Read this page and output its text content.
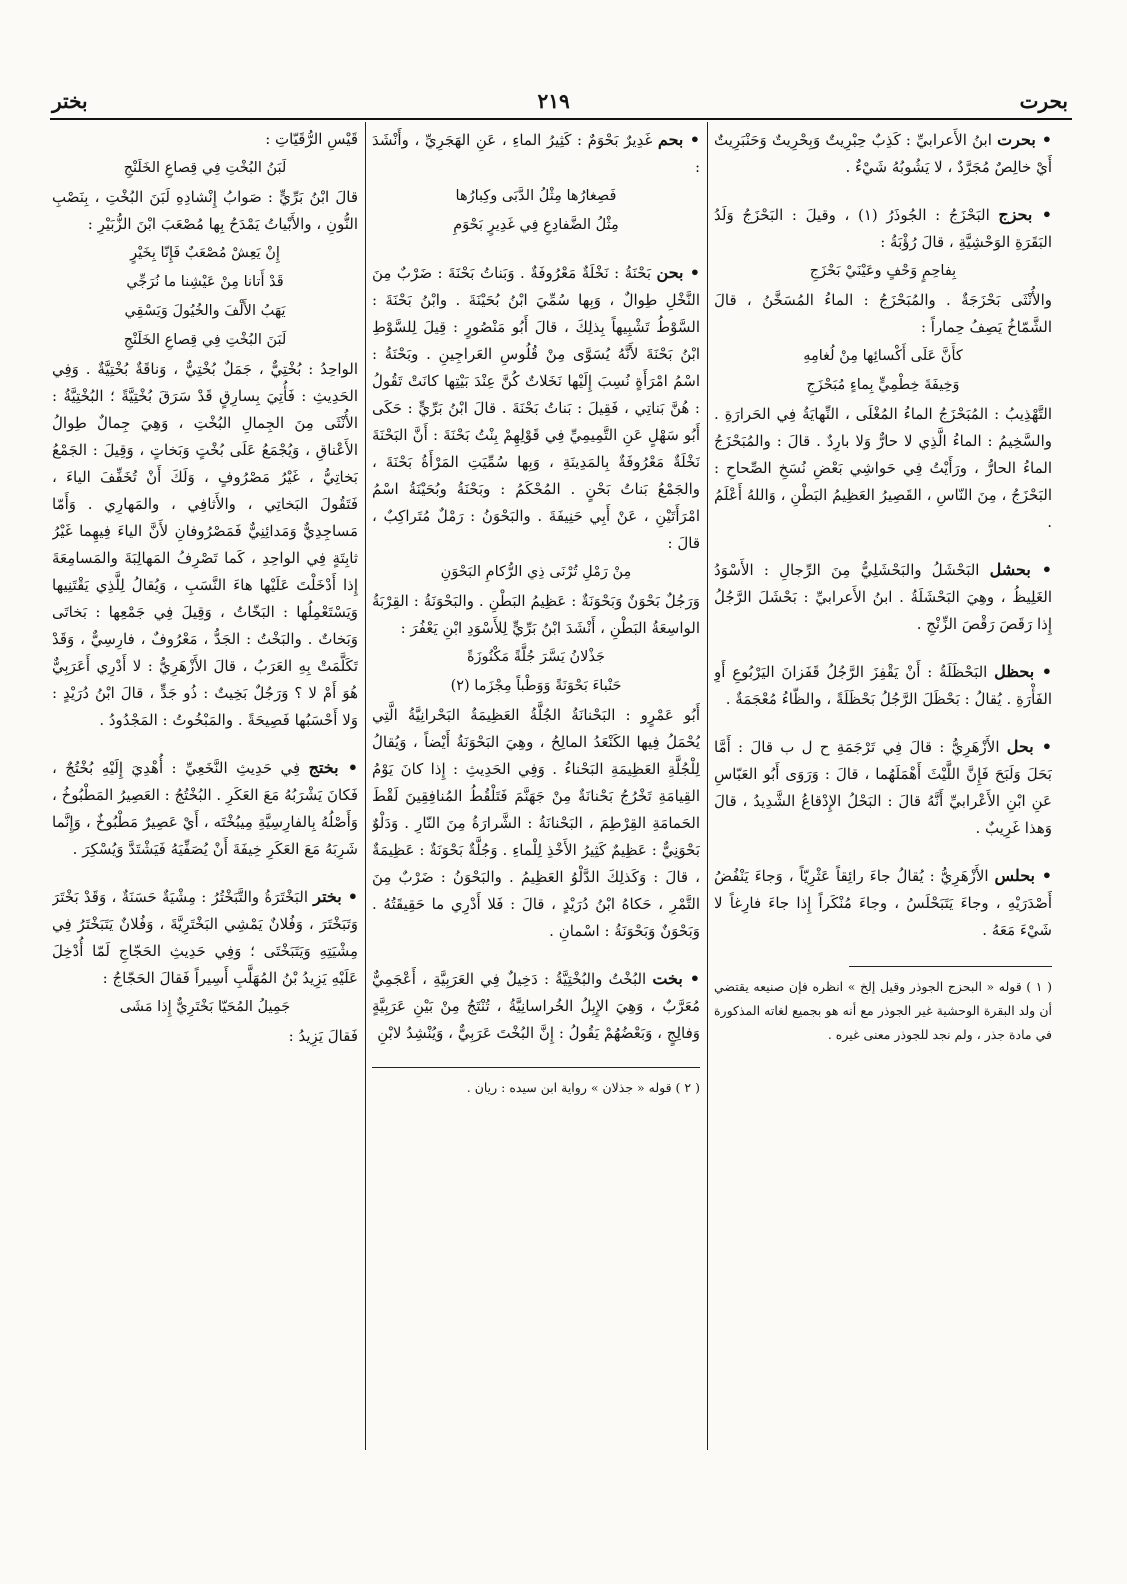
بحرت
٢١٩
بختر
• بحرت ابنُ الأَعرابيِّ : كَذِبٌ حِبْرِيتٌ وَبِحْرِيتٌ وَحَنْبَرِيتٌ أَيْ خالِصٌ مُجَرَّدٌ ، لا يَشُوبُهُ شَيْءٌ .
• بحزج البَحْزَجُ : الجُوذَرُ (١) ، وقيلَ : البَحْزَجُ وَلَدُ البَقَرَةِ الوَحْشِيَّةِ ، قالَ رُؤْبَةُ :
بِفاحِمٍ وَحْفٍ وعَيْنَيْ بَحْزَجِ
والأُنْثَى بَحْزَجَةٌ . والمُبَحْزَجُ : الماءُ المُسَخَّنُ ، قالَ الشَّمّاخُ يَصِفُ حِماراً :
كأَنَّ عَلَى أَكْسائِها مِنْ لُغامِهِ
وَخِيفَةَ خِطْمِيٍّ بِماءٍ مُبَحْزَجِ
التَّهْذِيبُ : المُبَحْزَجُ الماءُ المُغْلَى ، النِّهايَةُ فِي الحَرارَةِ . والسَّخِيمُ : الماءُ الَّذِي لا حارٌّ وَلا بارِدٌ . قالَ : والمُبَحْزَجُ الماءُ الحارُّ ، ورَأَيْتُ فِي حَواشِي بَعْضِ نُسَخِ الصِّحاحِ : البَحْزَجُ ، مِنَ النّاسِ ، القَصِيرُ العَظِيمُ البَطْنِ ، وَاللهُ أَعْلَمُ .
• بحشل البَحْشَلُ والبَحْشَلِيُّ مِنَ الرِّجالِ : الأَسْوَدُ الغَلِيظُ ، وهِيَ البَحْشَلَةُ . ابنُ الأَعرابيِّ : بَحْشَلَ الرَّجُلُ إِذا رَقَصَ رَقْصَ الزِّنْجِ .
• بحظل البَحْظَلَةُ : أَنْ يَقْفِزَ الرَّجُلُ قَفَزانَ اليَرْبُوعِ أَوِ الفَأْرَةِ . يُقالُ : بَحْظَلَ الرَّجُلُ بَحْظَلَةً ، والظّاءُ مُعْجَمَةٌ .
• بحل الأَزْهَرِيُّ : قالَ فِي تَرْجَمَةِ ح ل ب قالَ : أَمَّا بَحَلَ وَلَبَحَ فَإِنَّ اللَّيْثَ أَهْمَلَهُما ، قالَ : وَرَوَى أَبُو العَبّاسِ عَنِ ابْنِ الأَعْرابيِّ أَنَّهُ قالَ : البَحْلُ الإِدْقاعُ الشَّدِيدُ ، قالَ وَهذا غَرِيبٌ .
• بحلس الأَزْهَرِيُّ : يُقالُ جاءَ رائِقاً عَثْرِيّاً ، وَجاءَ يَنْفُضُ أَصْدَرَيْهِ ، وجاءَ يَتَبَحْلَسُ ، وجاءَ مُنْكَراً إِذا جاءَ فارِغاً لا شَيْءَ مَعَهُ .
( ١ ) قوله « البحزج الجوذر وقيل إلخ » انظره فإن صنيعه يقتضي أن ولد البقرة الوحشية غير الجوذر مع أنه هو بجميع لغاته المذكورة في مادة جذر ، ولم نجد للجوذر معنى غيره .
• بحم غَدِيرٌ بَحْوَمٌ : كَثِيرُ الماءِ ، عَنِ الهَجَرِيِّ ، وأَنْشَدَ :
فَصِغارُها مِثْلُ الدَّبَى وكِبارُها
مِثْلُ الضَّفادِعِ فِي غَدِيرٍ بَحْوَمِ
• بحن بَحْنَةُ : نَخْلَةٌ مَعْرُوفَةٌ . وَبَناتُ بَحْنَةَ : ضَرْبٌ مِنَ النَّخْلِ طِوالٌ ، وَبِها سُمِّيَ ابْنُ بُحَيْنَةَ . وابْنُ بَحْنَةَ : السَّوْطُ تَشْبِيهاً بِذلِكَ ، قالَ أَبُو مَنْصُورٍ : قِيلَ لِلسَّوْطِ ابْنُ بَحْنَةَ لأَنَّهُ يُسَوَّى مِنْ قُلُوسِ العَراجِينِ . وبَحْنَةُ : اسْمُ امْرَأَةٍ نُسِبَ إِلَيْها نَخَلاتٌ كُنَّ عِنْدَ بَيْتِها كانَتْ تَقُولُ : هُنَّ بَناتِي ، فَقِيلَ : بَناتُ بَحْنَةَ . قالَ ابْنُ بَرِّيٍّ : حَكَى أَبُو سَهْلٍ عَنِ التَّمِيمِيِّ فِي قَوْلِهِمْ بِنْتُ بَحْنَةَ : أَنَّ البَحْنَةَ نَخْلَةٌ مَعْرُوفَةٌ بِالمَدِينَةِ ، وَبِها سُمِّيَتِ المَرْأَةُ بَحْنَةَ ، والجَمْعُ بَناتُ بَحْنٍ . المُحْكَمُ : وبَحْنَةُ وبُحَيْنَةُ اسْمُ امْرَأَتَيْنِ ، عَنْ أَبِي حَنِيفَةَ . والبَحْوَنُ : رَمْلٌ مُتَراكِبٌ ، قالَ :
مِنْ رَمْلِ تُرْنَى ذِي الرُّكامِ البَحْوَنِ
وَرَجُلٌ بَحْوَنٌ وَبَحْوَنَةٌ : عَظِيمُ البَطْنِ . والبَحْوَنَةُ : القِرْبَةُ الواسِعَةُ البَطْنِ ، أَنْشَدَ ابْنُ بَرِّيٍّ لِلأَسْوَدِ ابْنِ يَعْفُرَ :
جَذْلانُ يَسَّرَ جُلَّةً مَكْنُوزَةً
حَنْباءَ بَحْوَنَةً وَوَطْباً مِجْزَما (٢)
أَبُو عَمْرٍو : البَحْنانَةُ الجُلَّةُ العَظِيمَةُ البَحْرانِيَّةُ الَّتِي يُحْمَلُ فِيها الكَنْعَدُ المالِحُ ، وهِيَ البَحْوَنَةُ أَيْضاً ، وَيُقالُ لِلْجُلَّةِ العَظِيمَةِ البَحْناءُ . وَفِي الحَدِيثِ : إِذا كانَ يَوْمُ القِيامَةِ تَخْرُجُ بَحْنانَةٌ مِنْ جَهَنَّمَ فَتَلْقُطُ المُنافِقِينَ لَقْطَ الحَمامَةِ القِرْطِمَ ، البَحْنانَةُ : الشَّرارَةُ مِنَ النّارِ . وَدَلْوٌ بَحْوَنِيٌّ : عَظِيمٌ كَثِيرُ الأَخْذِ لِلْماءِ . وَجُلَّةٌ بَحْوَنَةٌ : عَظِيمَةٌ ، قالَ : وَكَذلِكَ الدَّلْوُ العَظِيمُ . والبَحْوَنُ : ضَرْبٌ مِنَ التَّمْرِ ، حَكاهُ ابْنُ دُرَيْدٍ ، قالَ : فَلا أَدْرِي ما حَقِيقَتُهُ . وَبَحْوَنٌ وَبَحْوَنَةُ : اسْمانِ .
• بخت البُخْتُ والبُخْتِيَّةُ : دَخِيلٌ فِي العَرَبِيَّةِ ، أَعْجَمِيٌّ مُعَرَّبٌ ، وَهِيَ الإِبِلُ الخُراسانِيَّةُ ، تُنْتَجُ مِنْ بَيْنِ عَرَبِيَّةٍ وَفالِجٍ ، وَبَعْضُهُمْ يَقُولُ : إِنَّ البُخْتَ عَرَبِيٌّ ، وَيُنْشِدُ لابْنِ
( ٢ ) قوله « جذلان » رواية ابن سيده : ريان .
قَيْسِ الرُّقَيّاتِ :
لَبَنُ البُخْتِ فِي قِصاعِ الخَلَنْجِ
قالَ ابْنُ بَرِّيٍّ : صَوابُ إِنْشادِهِ لَبَنَ البُخْتِ ، بِنَصْبِ النُّونِ ، والأَبْياتُ يَمْدَحُ بِها مُصْعَبَ ابْنَ الزُّبَيْرِ :
إِنْ يَعِشْ مُصْعَبٌ فَإِنّا بِخَيْرٍ
قَدْ أَتانا مِنْ عَيْشِنا ما نُرَجِّي
يَهَبُ الأَلْفَ والخُيُولَ وَيَسْقِي
لَبَنَ البُخْتِ فِي قِصاعِ الخَلَنْجِ
الواحِدُ : بُخْتِيٌّ ، جَمَلٌ بُخْتِيٌّ ، وَناقَةٌ بُخْتِيَّةٌ . وَفِي الحَدِيثِ : فَأُتِيَ بِسارِقٍ قَدْ سَرَقَ بُخْتِيَّةً ؛ البُخْتِيَّةُ : الأُنْثَى مِنَ الجِمالِ البُخْتِ ، وَهِيَ جِمالٌ طِوالُ الأَعْناقِ ، وَيُجْمَعُ عَلَى بُخْتٍ وَبَخاتٍ ، وَقِيلَ : الجَمْعُ بَخاتِيُّ ، غَيْرُ مَصْرُوفٍ ، وَلَكَ أَنْ تُخَفِّفَ الياءَ ، فَتَقُولَ البَخاتِي ، والأَثافِي ، والمَهارِي . وَأَمّا مَساجِدِيٌّ وَمَدائِنِيٌّ فَمَصْرُوفانِ لأَنَّ الياءَ فِيهِما غَيْرُ ثابِتَةٍ فِي الواحِدِ ، كَما تَصْرِفُ المَهالِبَةَ والمَسامِعَةَ إِذا أَدْخَلْتَ عَلَيْها هاءَ النَّسَبِ ، وَيُقالُ لِلَّذِي يَقْتَنِيها وَيَسْتَعْمِلُها : البَخّاتُ ، وَقِيلَ فِي جَمْعِها : بَخاتَى وَبَخاتٌ . والبَخْتُ : الجَدُّ ، مَعْرُوفٌ ، فارِسِيٌّ ، وَقَدْ تَكَلَّمَتْ بِهِ العَرَبُ ، قالَ الأَزْهَرِيُّ : لا أَدْرِي أَعَرَبِيٌّ هُوَ أَمْ لا ؟ وَرَجُلٌ بَخِيتٌ : ذُو جَدٍّ ، قالَ ابْنُ دُرَيْدٍ : وَلا أَحْسَبُها فَصِيحَةً . والمَبْخُوتُ : المَجْدُودُ .
• بختج فِي حَدِيثِ النَّخَعِيِّ : أُهْدِيَ إِلَيْهِ بُخْتُجٌ ، فَكانَ يَشْرَبُهُ مَعَ العَكَرِ . البُخْتُجُ : العَصِيرُ المَطْبُوخُ ، وَأَصْلُهُ بِالفارِسِيَّةِ مِيبُخْتَه ، أَيْ عَصِيرٌ مَطْبُوخٌ ، وَإِنَّما شَرِبَهُ مَعَ العَكَرِ خِيفَةَ أَنْ يُصَفِّيَهُ فَيَشْتَدَّ وَيُسْكِرَ .
• بختر البَخْتَرَةُ والتَّبَخْتُرُ : مِشْيَةٌ حَسَنَةٌ ، وَقَدْ بَخْتَرَ وَتَبَخْتَرَ ، وَفُلانٌ يَمْشِي البَخْتَرِيَّةَ ، وَفُلانٌ يَتَبَخْتَرُ فِي مِشْيَتِهِ وَيَتَبَخْتَى ؛ وَفِي حَدِيثِ الحَجّاجِ لَمّا أُدْخِلَ عَلَيْهِ يَزِيدُ بْنُ المُهَلَّبِ أَسِيراً فَقالَ الحَجّاجُ :
جَمِيلُ المُحَيّا بَخْتَرِيٌّ إِذا مَشَى
فَقالَ يَزِيدُ :
